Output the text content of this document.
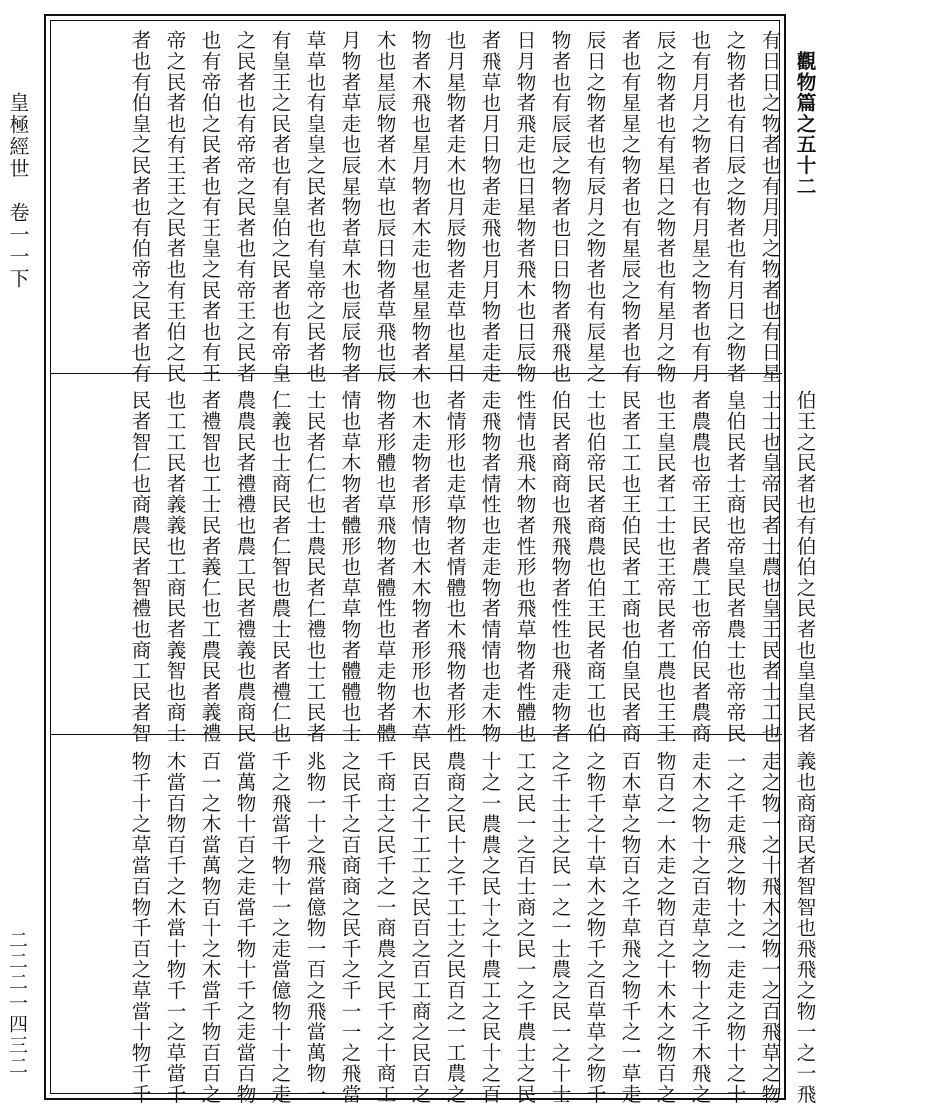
皇極經世　卷一一下
二二二一四三二

　觀物篇之五十二
有日日之物者也有月月之物者也有日星
之物者也有日辰之物者也有月日之物者
也有月月之物者也有月星之物者也有月
辰之物者也有星日之物者也有星月之物
者也有星星之物者也有星辰之物者也有
辰日之物者也有辰月之物者也有辰星之
物者也有辰辰之物者也日日物者飛飛也
日月物者飛走也日星物者飛木也日辰物
者飛草也月日物者走飛也月月物者走走
也月星物者走木也月辰物者走草也星日
物者木飛也星月物者木走也星星物者木
木也星辰物者木草也辰日物者草飛也辰
月物者草走也辰星物者草木也辰辰物者
草草也有皇皇之民者也有皇帝之民者也
有皇王之民者也有皇伯之民者也有帝皇
之民者也有帝帝之民者也有帝王之民者
也有帝伯之民者也有王皇之民者也有王
帝之民者也有王王之民者也有王伯之民
者也有伯皇之民者也有伯帝之民者也有

伯王之民者也有伯伯之民者也皇皇民者
士士也皇帝民者士農也皇王民者士工也
皇伯民者士商也帝皇民者農士也帝帝民
者農農也帝王民者農工也帝伯民者農商
也王皇民者工士也王帝民者工農也王王
民者工工也王伯民者工商也伯皇民者商
士也伯帝民者商農也伯王民者商工也伯
伯民者商商也飛飛物者性性也飛走物者
性情也飛木物者性形也飛草物者性體也
走飛物者情性也走走物者情情也走木物
者情形也走草物者情體也木飛物者形性
也木走物者形情也木木物者形形也木草
物者形體也草飛物者體性也草走物者體
情也草木物者體形也草草物者體體也士
士民者仁仁也士農民者仁禮也士工民者
仁義也士商民者仁智也農士民者禮仁也
農農民者禮禮也農工民者禮義也農商民
者禮智也工士民者義仁也工農民者義禮
也工工民者義義也工商民者義智也商士
民者智仁也商農民者智禮也商工民者智

義也商商民者智智也飛飛之物一之一飛
走之物一之十飛木之物一之百飛草之物
一之千走飛之物十之一走走之物十之十
走木之物十之百走草之物十之千木飛之
物百之一木走之物百之十木木之物百之
百木草之物百之千草飛之物千之一草走
之物千之十草木之物千之百草草之物千
之千士士之民一之一士農之民一之十士
工之民一之百士商之民一之千農士之民
十之一農農之民十之十農工之民十之百
農商之民十之千工士之民百之一工農之
民百之十工工之民百之百工商之民百之
千商士之民千之一商農之民千之十商工
之民千之百商商之民千之千一一之飛當
兆物一十之飛當億物一百之飛當萬物一
千之飛當千物十一之走當億物十十之走
當萬物十百之走當千物十千之走當百物
百一之木當萬物百十之木當千物百百之
木當百物百千之木當十物千一之草當千
物千十之草當百物千百之草當十物千千
